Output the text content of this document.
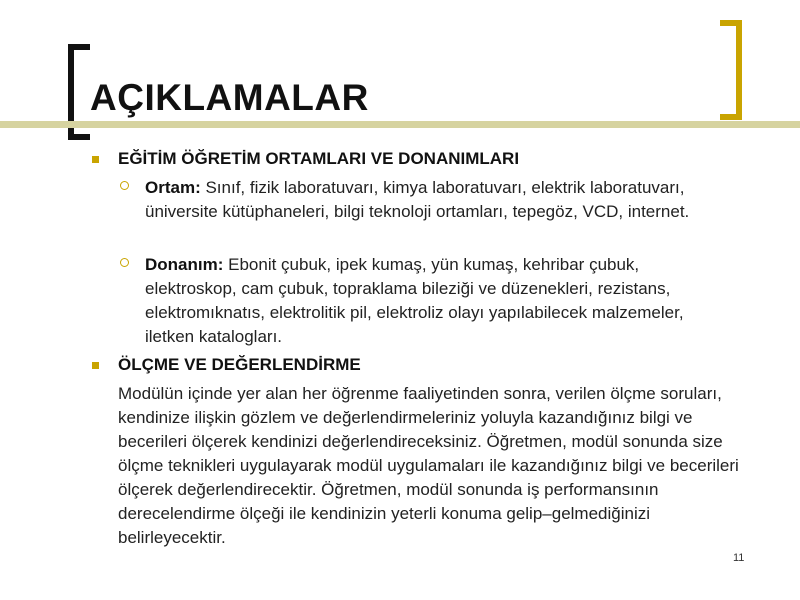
AÇIKLAMALAR
EĞİTİM ÖĞRETİM ORTAMLARI VE DONANIMLARI

Ortam: Sınıf, fizik laboratuvarı, kimya laboratuvarı, elektrik laboratuvarı, üniversite kütüphaneleri, bilgi teknoloji ortamları, tepegöz, VCD, internet.

Donanım: Ebonit çubuk, ipek kumaş, yün kumaş, kehribar çubuk, elektroskop, cam çubuk, topraklama bileziği ve düzenekleri, rezistans, elektromıknatıs, elektrolitik pil, elektroliz olayı yapılabilecek malzemeler, iletken katalogları.

ÖLÇME VE DEĞERLENDİRME

Modülün içinde yer alan her öğrenme faaliyetinden sonra, verilen ölçme soruları, kendinize ilişkin gözlem ve değerlendirmeleriniz yoluyla kazandığınız bilgi ve becerileri ölçerek kendinizi değerlendireceksiniz. Öğretmen, modül sonunda size ölçme teknikleri uygulayarak modül uygulamaları ile kazandığınız bilgi ve becerileri ölçerek değerlendirecektir. Öğretmen, modül sonunda iş performansının derecelendirme ölçeği ile kendinizin yeterli konuma gelip–gelmediğinizi belirleyecektir.

11
